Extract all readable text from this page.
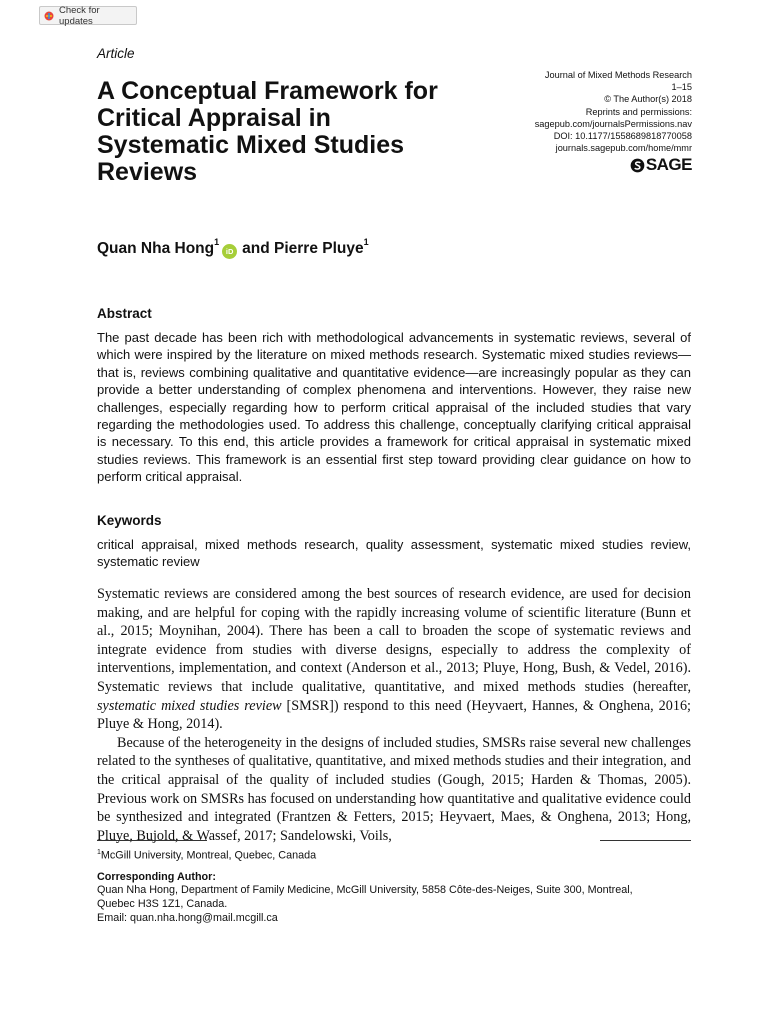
Check for updates
Article
A Conceptual Framework for Critical Appraisal in Systematic Mixed Studies Reviews
Journal of Mixed Methods Research
1–15
© The Author(s) 2018
Reprints and permissions:
sagepub.com/journalsPermissions.nav
DOI: 10.1177/1558689818770058
journals.sagepub.com/home/mmr
SAGE
Quan Nha Hong$^1$
iD and Pierre Pluye$^1$
Abstract

The past decade has been rich with methodological advancements in systematic reviews, several of which were inspired by the literature on mixed methods research. Systematic mixed studies reviews—that is, reviews combining qualitative and quantitative evidence—are increasingly popular as they can provide a better understanding of complex phenomena and interventions. However, they raise new challenges, especially regarding how to perform critical appraisal of the included studies that vary regarding the methodologies used. To address this challenge, conceptually clarifying critical appraisal is necessary. To this end, this article provides a framework for critical appraisal in systematic mixed studies reviews. This framework is an essential first step toward providing clear guidance on how to perform critical appraisal.

Keywords

critical appraisal, mixed methods research, quality assessment, systematic mixed studies review, systematic review

Systematic reviews are considered among the best sources of research evidence, are used for decision making, and are helpful for coping with the rapidly increasing volume of scientific literature (Bunn et al., 2015; Moynihan, 2004). There has been a call to broaden the scope of systematic reviews and integrate evidence from studies with diverse designs, especially to address the complexity of interventions, implementation, and context (Anderson et al., 2013; Pluye, Hong, Bush, & Vedel, 2016). Systematic reviews that include qualitative, quantitative, and mixed methods studies (hereafter, systematic mixed studies review [SMSR]) respond to this need (Heyvaert, Hannes, & Onghena, 2016; Pluye & Hong, 2014).

Because of the heterogeneity in the designs of included studies, SMSRs raise several new challenges related to the syntheses of qualitative, quantitative, and mixed methods studies and their integration, and the critical appraisal of the quality of included studies (Gough, 2015; Harden & Thomas, 2005). Previous work on SMSRs has focused on understanding how quantitative and qualitative evidence could be synthesized and integrated (Frantzen & Fetters, 2015; Heyvaert, Maes, & Onghena, 2013; Hong, Pluye, Bujold, & Wassef, 2017; Sandelowski, Voils,

$^1$McGill University, Montreal, Quebec, Canada
Corresponding Author:
Quan Nha Hong, Department of Family Medicine, McGill University, 5858 Côte-des-Neiges, Suite 300, Montreal,
Quebec H3S 1Z1, Canada.
Email: quan.nha.hong@mail.mcgill.ca
